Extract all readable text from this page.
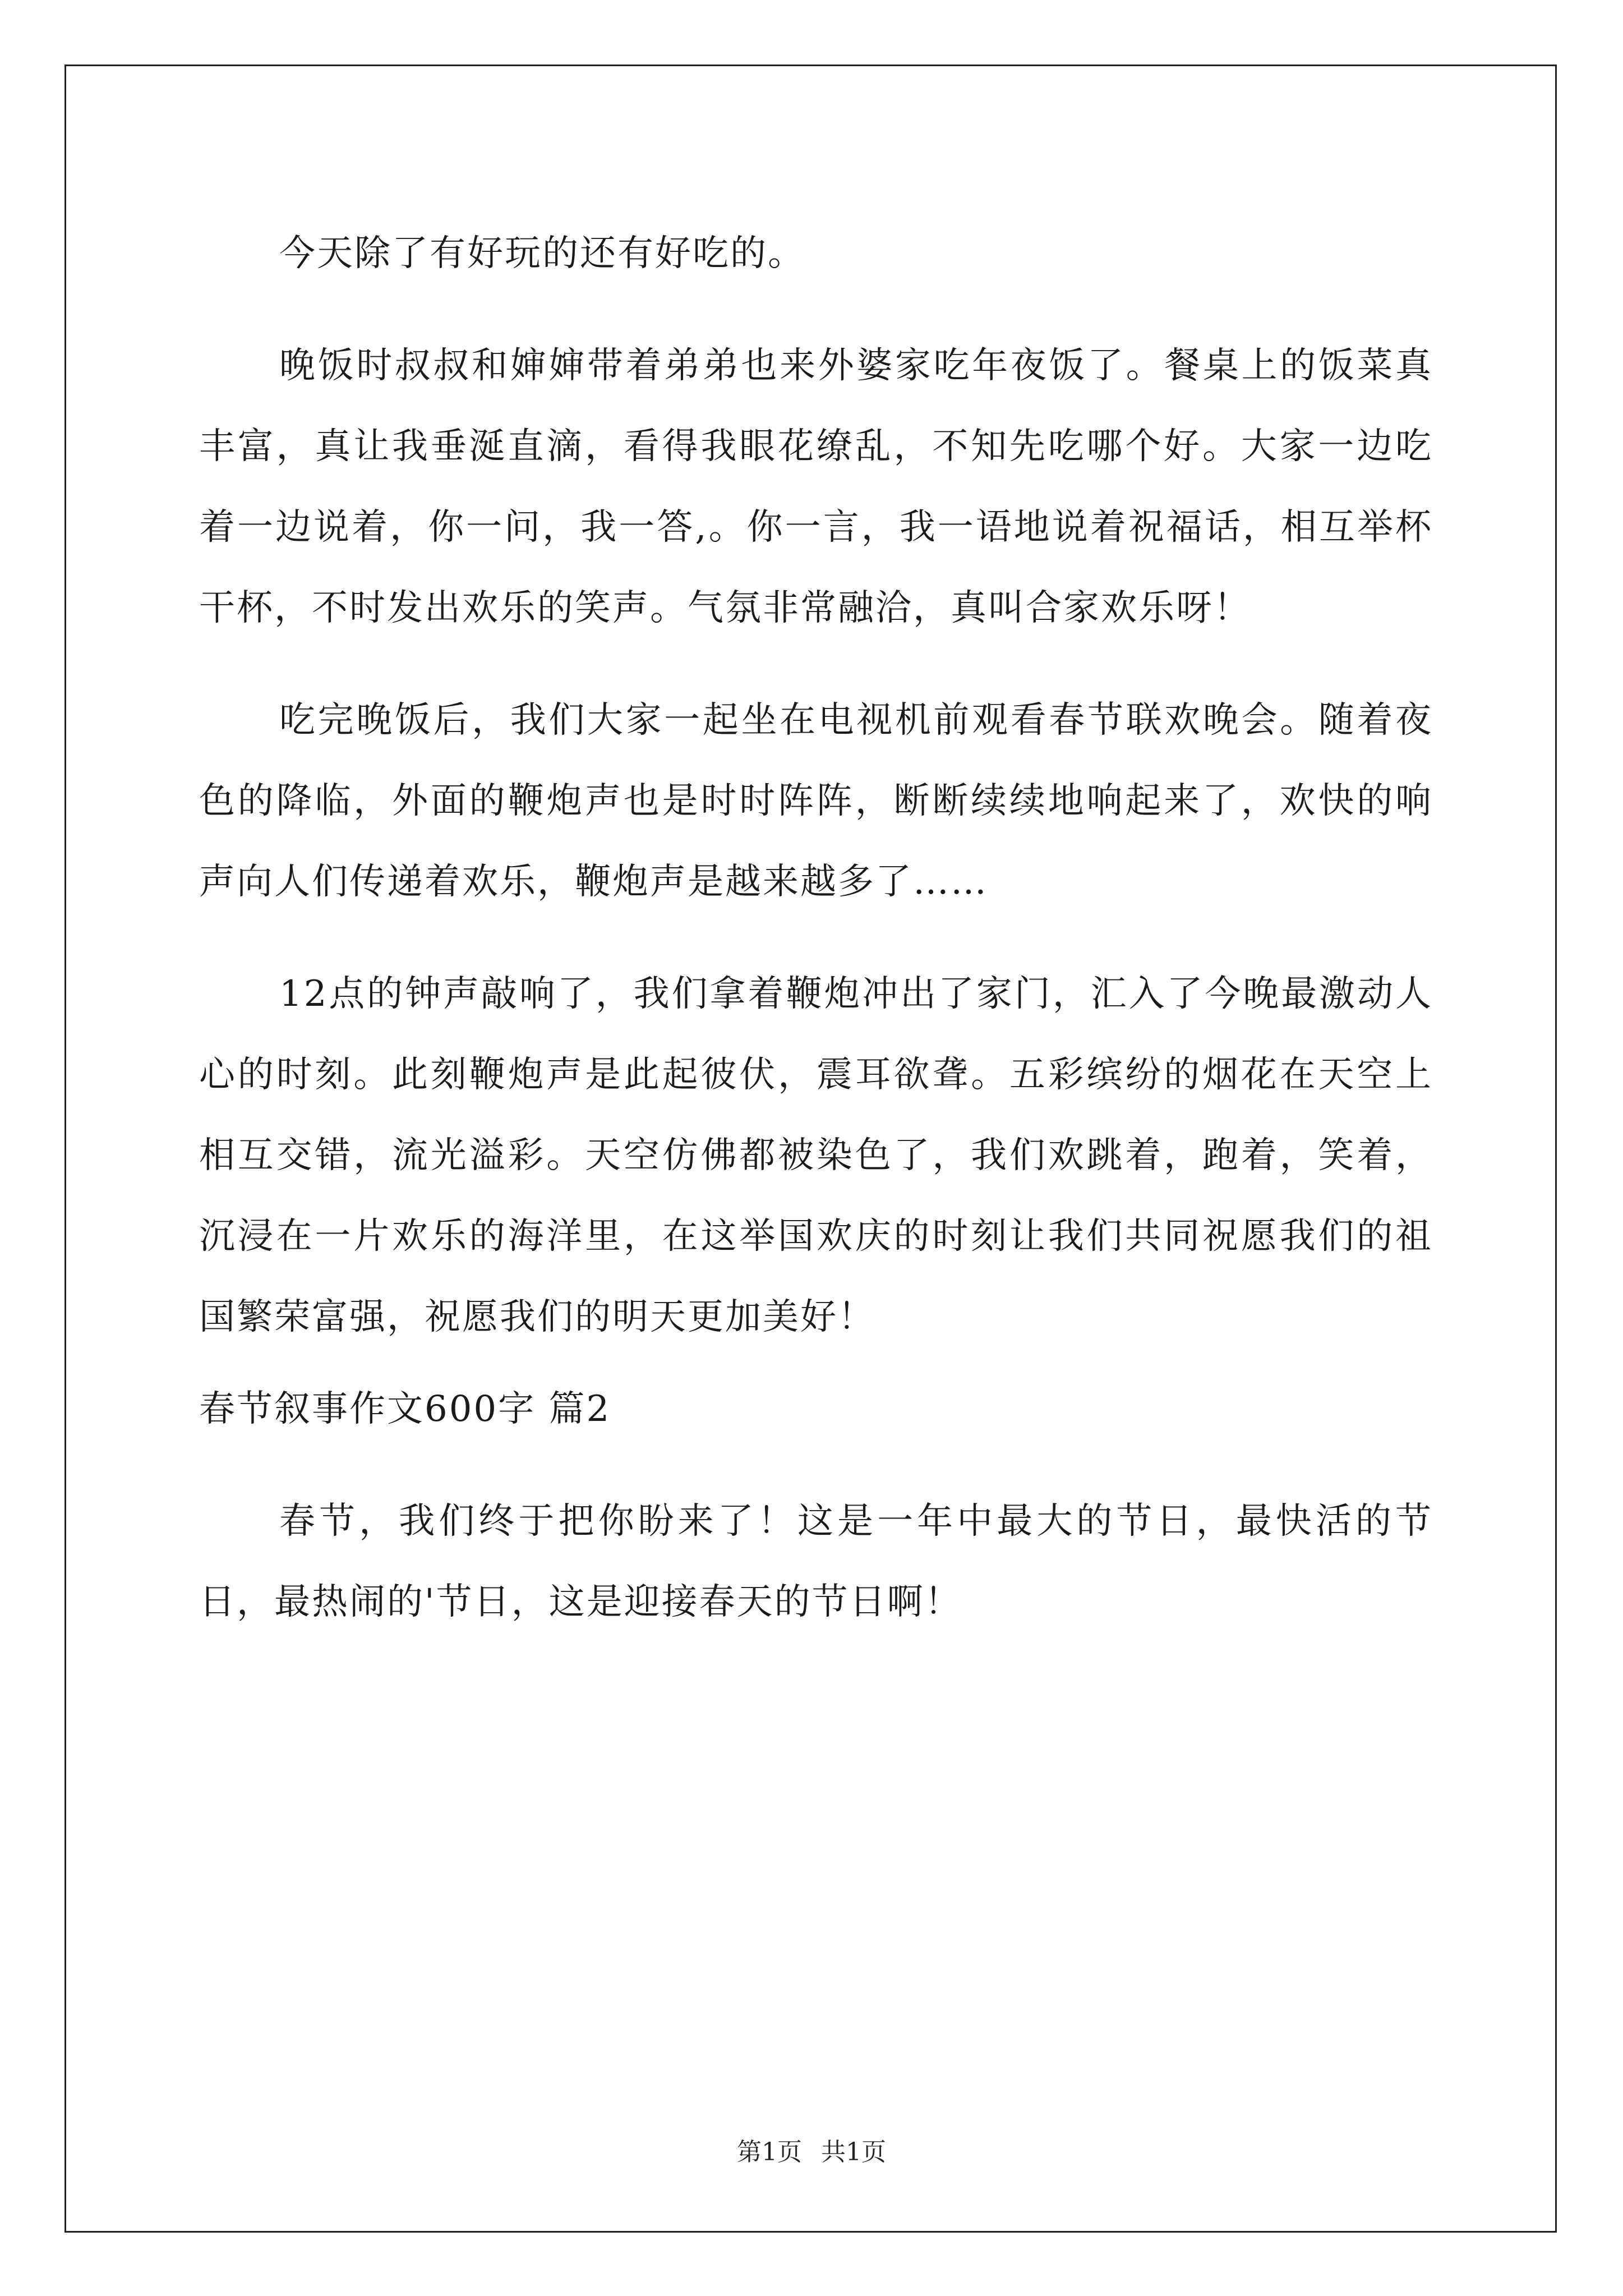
今天除了有好玩的还有好吃的。

晚饭时叔叔和婶婶带着弟弟也来外婆家吃年夜饭了。餐桌上的饭菜真丰富，真让我垂涎直滴，看得我眼花缭乱，不知先吃哪个好。大家一边吃着一边说着，你一问，我一答,。你一言，我一语地说着祝福话，相互举杯干杯，不时发出欢乐的笑声。气氛非常融洽，真叫合家欢乐呀！

吃完晚饭后，我们大家一起坐在电视机前观看春节联欢晚会。随着夜色的降临，外面的鞭炮声也是时时阵阵，断断续续地响起来了，欢快的响声向人们传递着欢乐，鞭炮声是越来越多了……

12点的钟声敲响了，我们拿着鞭炮冲出了家门，汇入了今晚最激动人心的时刻。此刻鞭炮声是此起彼伏，震耳欲聋。五彩缤纷的烟花在天空上相互交错，流光溢彩。天空仿佛都被染色了，我们欢跳着，跑着，笑着，沉浸在一片欢乐的海洋里，在这举国欢庆的时刻让我们共同祝愿我们的祖国繁荣富强，祝愿我们的明天更加美好！

春节叙事作文600字 篇2

春节，我们终于把你盼来了！这是一年中最大的节日，最快活的节日，最热闹的'节日，这是迎接春天的节日啊！

第1页 共1页
